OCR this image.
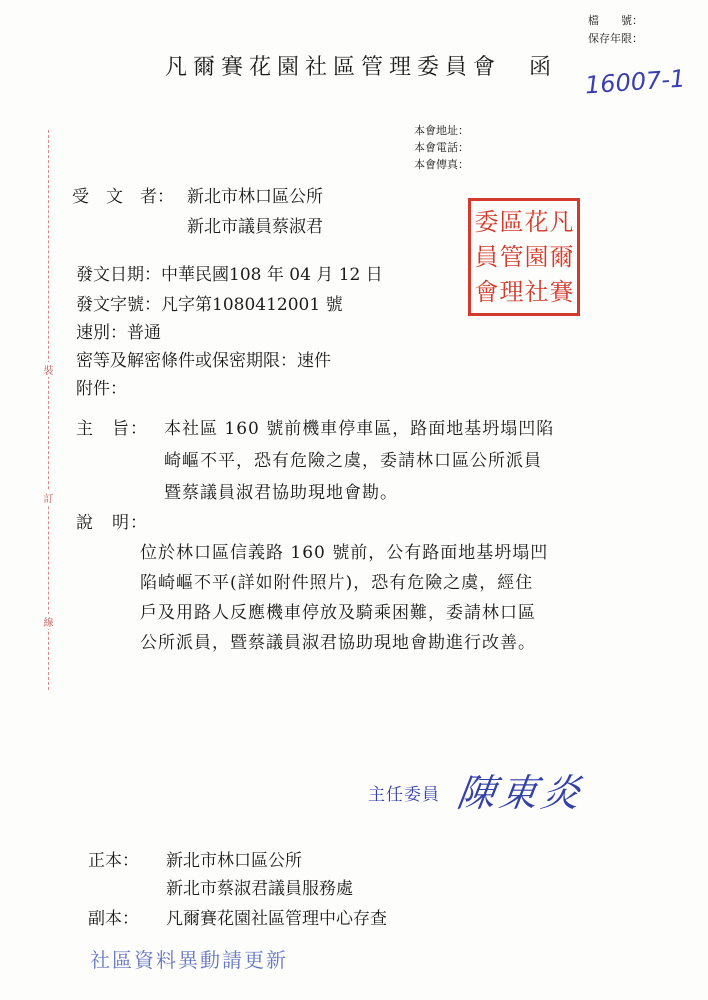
檔　　號：
保存年限：
16007-1
凡爾賽花園社區管理委員會　函
本會地址：
本會電話：
本會傳真：
受　文　者： 新北市林口區公所
新北市議員蔡淑君	凡
爾
賽
花
園
社
區
管
理
委
員
會
發文日期：中華民國108 年 04 月 12 日
發文字號：凡字第1080412001 號
速別：普通
密等及解密條件或保密期限：速件
附件：
裝
訂
線
主　旨： 本社區 160 號前機車停車區，路面地基坍塌凹陷
崎嶇不平，恐有危險之虞，委請林口區公所派員
暨蔡議員淑君協助現地會勘。
說　明：
位於林口區信義路 160 號前，公有路面地基坍塌凹
陷崎嶇不平(詳如附件照片)，恐有危險之虞，經住
戶及用路人反應機車停放及騎乘困難，委請林口區
公所派員，暨蔡議員淑君協助現地會勘進行改善。
主任委員 陳東炎
正本： 新北市林口區公所
新北市蔡淑君議員服務處
副本： 凡爾賽花園社區管理中心存查
社區資料異動請更新
